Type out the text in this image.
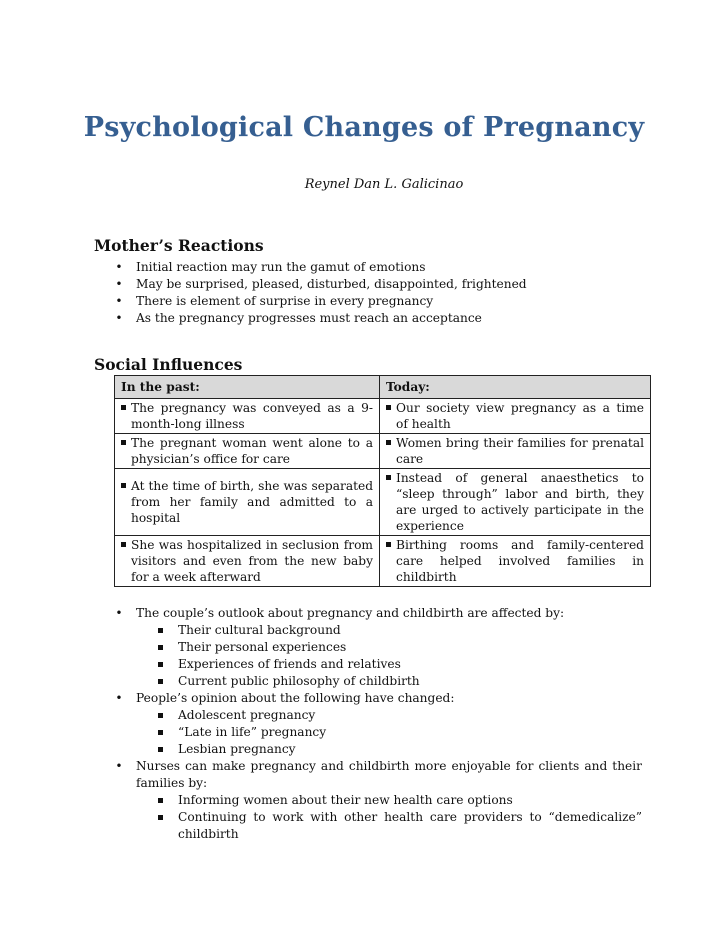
Psychological Changes of Pregnancy
Reynel Dan L. Galicinao
Mother’s Reactions
• Initial reaction may run the gamut of emotions
• May be surprised, pleased, disturbed, disappointed, frightened
• There is element of surprise in every pregnancy
• As the pregnancy progresses must reach an acceptance
Social Influences
In the past:	Today:

The pregnancy was conveyed as a 9-month-long illness	Our society view pregnancy as a time of health

The pregnant woman went alone to a physician’s office for care	Women bring their families for prenatal care

At the time of birth, she was separated from her family and admitted to a hospital	Instead of general anaesthetics to “sleep through” labor and birth, they are urged to actively participate in the experience

She was hospitalized in seclusion from visitors and even from the new baby for a week afterward	Birthing rooms and family-centered care helped involved families in childbirth
• The couple’s outlook about pregnancy and childbirth are affected by:
Their cultural background
Their personal experiences
Experiences of friends and relatives
Current public philosophy of childbirth
• People’s opinion about the following have changed:
Adolescent pregnancy
“Late in life” pregnancy
Lesbian pregnancy
• Nurses can make pregnancy and childbirth more enjoyable for clients and their families by:
Informing women about their new health care options
Continuing to work with other health care providers to “demedicalize” childbirth
